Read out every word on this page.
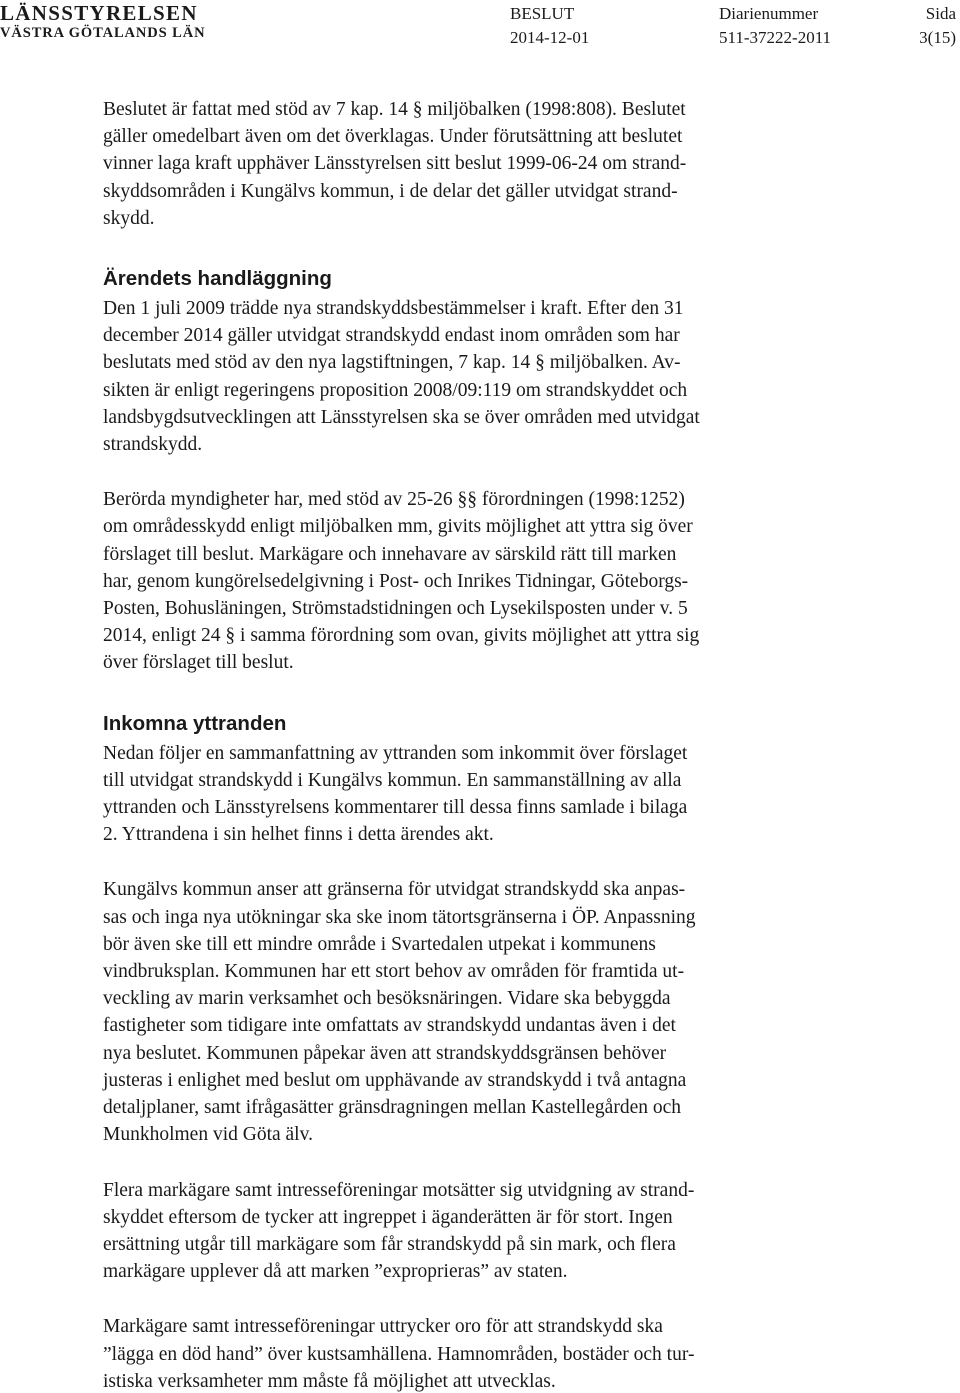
LÄNSSTYRELSEN
VÄSTRA GÖTALANDS LÄN
BESLUT
2014-12-01
Diarienummer
511-37222-2011
Sida
3(15)

Beslutet är fattat med stöd av 7 kap. 14 § miljöbalken (1998:808). Beslutet
gäller omedelbart även om det överklagas. Under förutsättning att beslutet
vinner laga kraft upphäver Länsstyrelsen sitt beslut 1999-06-24 om strand-
skyddsområden i Kungälvs kommun, i de delar det gäller utvidgat strand-
skydd.

Ärendets handläggning

Den 1 juli 2009 trädde nya strandskyddsbestämmelser i kraft. Efter den 31
december 2014 gäller utvidgat strandskydd endast inom områden som har
beslutats med stöd av den nya lagstiftningen, 7 kap. 14 § miljöbalken. Av-
sikten är enligt regeringens proposition 2008/09:119 om strandskyddet och
landsbygdsutvecklingen att Länsstyrelsen ska se över områden med utvidgat
strandskydd.

Berörda myndigheter har, med stöd av 25-26 §§ förordningen (1998:1252)
om områdesskydd enligt miljöbalken mm, givits möjlighet att yttra sig över
förslaget till beslut. Markägare och innehavare av särskild rätt till marken
har, genom kungörelsedelgivning i Post- och Inrikes Tidningar, Göteborgs-
Posten, Bohusläningen, Strömstadstidningen och Lysekilsposten under v. 5
2014, enligt 24 § i samma förordning som ovan, givits möjlighet att yttra sig
över förslaget till beslut.

Inkomna yttranden

Nedan följer en sammanfattning av yttranden som inkommit över förslaget
till utvidgat strandskydd i Kungälvs kommun. En sammanställning av alla
yttranden och Länsstyrelsens kommentarer till dessa finns samlade i bilaga
2. Yttrandena i sin helhet finns i detta ärendes akt.

Kungälvs kommun anser att gränserna för utvidgat strandskydd ska anpas-
sas och inga nya utökningar ska ske inom tätortsgränserna i ÖP. Anpassning
bör även ske till ett mindre område i Svartedalen utpekat i kommunens
vindbruksplan. Kommunen har ett stort behov av områden för framtida ut-
veckling av marin verksamhet och besöksnäringen. Vidare ska bebyggda
fastigheter som tidigare inte omfattats av strandskydd undantas även i det
nya beslutet. Kommunen påpekar även att strandskyddsgränsen behöver
justeras i enlighet med beslut om upphävande av strandskydd i två antagna
detaljplaner, samt ifrågasätter gränsdragningen mellan Kastellegården och
Munkholmen vid Göta älv.

Flera markägare samt intresseföreningar motsätter sig utvidgning av strand-
skyddet eftersom de tycker att ingreppet i äganderätten är för stort. Ingen
ersättning utgår till markägare som får strandskydd på sin mark, och flera
markägare upplever då att marken ”exproprieras” av staten.

Markägare samt intresseföreningar uttrycker oro för att strandskydd ska
”lägga en död hand” över kustsamhällena. Hamnområden, bostäder och tur-
istiska verksamheter mm måste få möjlighet att utvecklas.
